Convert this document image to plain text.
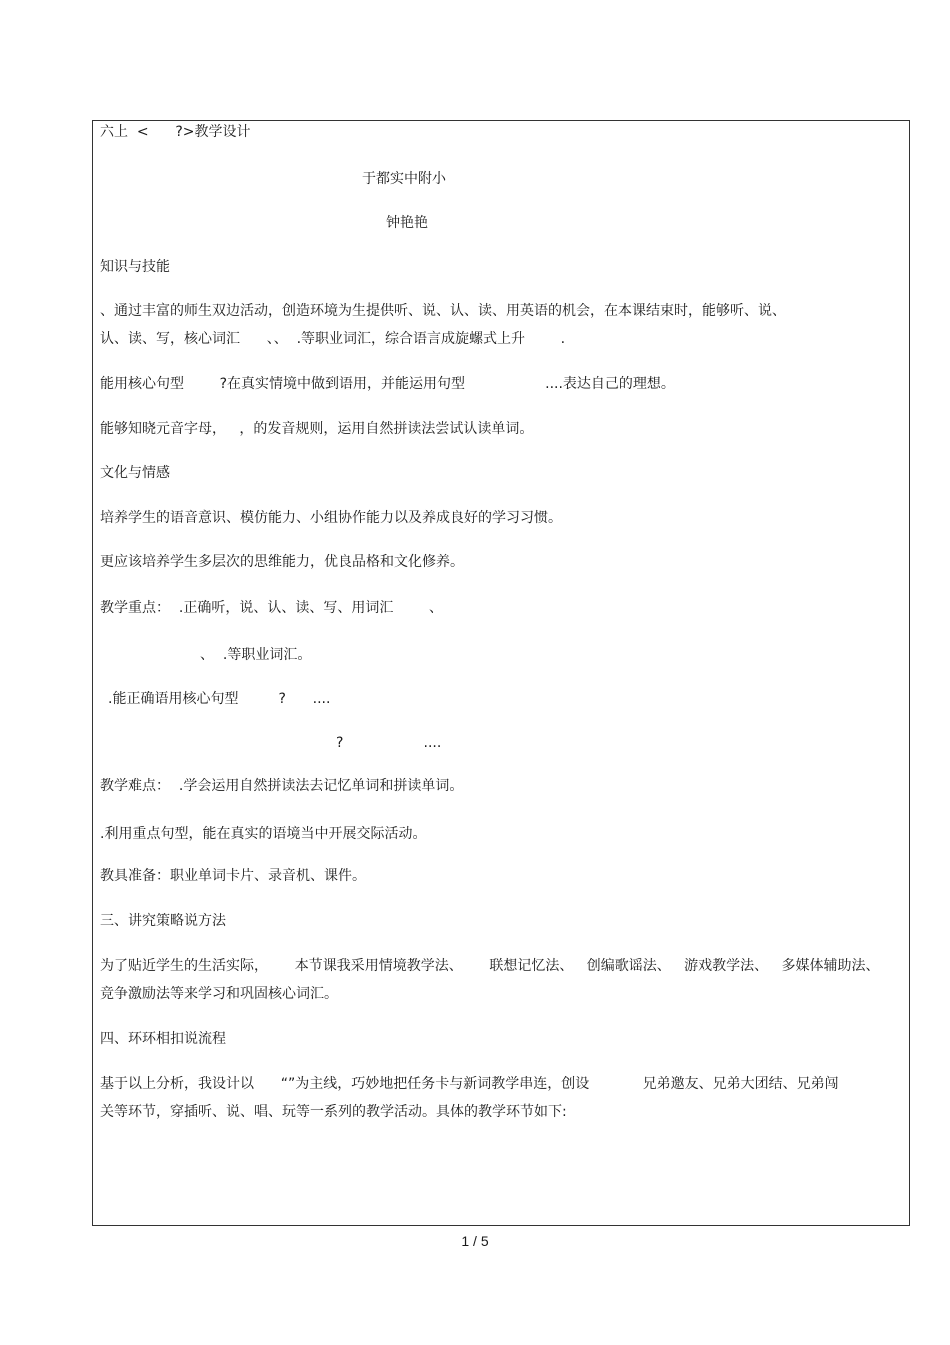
六上  <      ?>教学设计
于都实中附小
钟艳艳
知识与技能
、通过丰富的师生双边活动，创造环境为生提供听、说、认、读、用英语的机会，在本课结束时，能够听、说、
认、读、写，核心词汇      、、  .等职业词汇，综合语言成旋螺式上升        .
能用核心句型        ?在真实情境中做到语用，并能运用句型                  ....表达自己的理想。
能够知晓元音字母，   ，的发音规则，运用自然拼读法尝试认读单词。
文化与情感
培养学生的语音意识、模仿能力、小组协作能力以及养成良好的学习习惯。
更应该培养学生多层次的思维能力，优良品格和文化修养。
教学重点：  .正确听，说、认、读、写、用词汇        、
、  .等职业词汇。
.能正确语用核心句型         ?      ....
?                  ....
教学难点：  .学会运用自然拼读法去记忆单词和拼读单词。
.利用重点句型，能在真实的语境当中开展交际活动。
教具准备：职业单词卡片、录音机、课件。
三、讲究策略说方法
为了贴近学生的生活实际，      本节课我采用情境教学法、      联想记忆法、   创编歌谣法、   游戏教学法、   多媒体辅助法、
竞争激励法等来学习和巩固核心词汇。
四、环环相扣说流程
基于以上分析，我设计以      “”为主线，巧妙地把任务卡与新词教学串连，创设            兄弟邀友、兄弟大团结、兄弟闯
关等环节，穿插听、说、唱、玩等一系列的教学活动。具体的教学环节如下:
1 / 5
